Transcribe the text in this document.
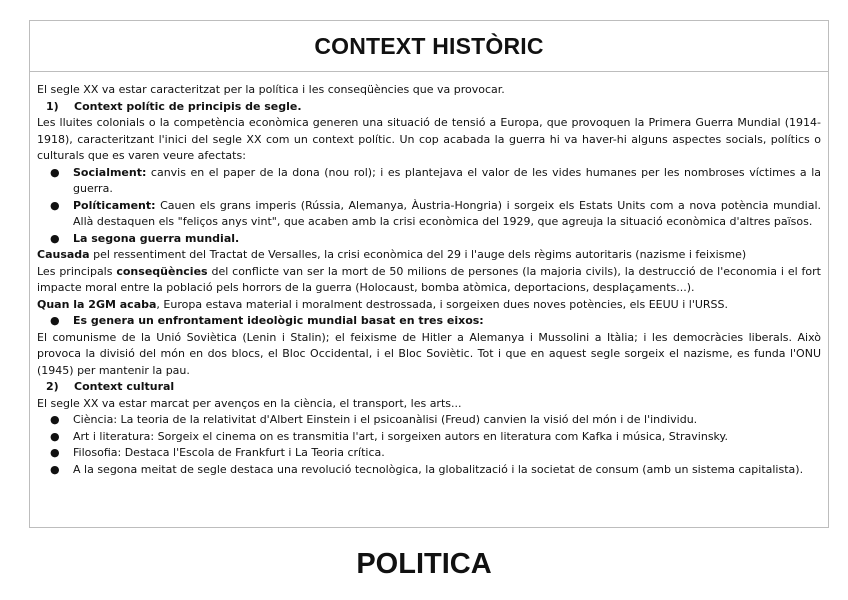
CONTEXT HISTÒRIC

El segle XX va estar caracteritzat per la política i les conseqüències que va provocar.

1)	Context polític de principis de segle.

Les lluites colonials o la competència econòmica generen una situació de tensió a Europa, que provoquen la Primera Guerra Mundial (1914-1918), caracteritzant l'inici del segle XX com un context polític. Un cop acabada la guerra hi va haver-hi alguns aspectes socials, polítics o culturals que es varen veure afectats:

●	Socialment: canvis en el paper de la dona (nou rol); i es plantejava el valor de les vides humanes per les nombroses víctimes a la guerra.
●	Políticament: Cauen els grans imperis (Rússia, Alemanya, Àustria-Hongria) i sorgeix els Estats Units com a nova potència mundial. Allà destaquen els "feliços anys vint", que acaben amb la crisi econòmica del 1929, que agreuja la situació econòmica d'altres països.
●	La segona guerra mundial.

Causada pel ressentiment del Tractat de Versalles, la crisi econòmica del 29 i l'auge dels règims autoritaris (nazisme i feixisme)

Les principals conseqüències del conflicte van ser la mort de 50 milions de persones (la majoria civils), la destrucció de l'economia i el fort impacte moral entre la població pels horrors de la guerra (Holocaust, bomba atòmica, deportacions, desplaçaments...).

Quan la 2GM acaba, Europa estava material i moralment destrossada, i sorgeixen dues noves potències, els EEUU i l'URSS.

●	Es genera un enfrontament ideològic mundial basat en tres eixos:

El comunisme de la Unió Soviètica (Lenin i Stalin); el feixisme de Hitler a Alemanya i Mussolini a Itàlia; i les democràcies liberals. Això provoca la divisió del món en dos blocs, el Bloc Occidental, i el Bloc Soviètic. Tot i que en aquest segle sorgeix el nazisme, es funda l'ONU (1945) per mantenir la pau.

2)	Context cultural

El segle XX va estar marcat per avenços en la ciència, el transport, les arts...

●	Ciència: La teoria de la relativitat d'Albert Einstein i el psicoanàlisi (Freud) canvien la visió del món i de l'individu.
●	Art i literatura: Sorgeix el cinema on es transmitia l'art, i sorgeixen autors en literatura com Kafka i música, Stravinsky.
●	Filosofia: Destaca l'Escola de Frankfurt i La Teoria crítica.
●	A la segona meitat de segle destaca una revolució tecnològica, la globalització i la societat de consum (amb un sistema capitalista).
POLITICA
